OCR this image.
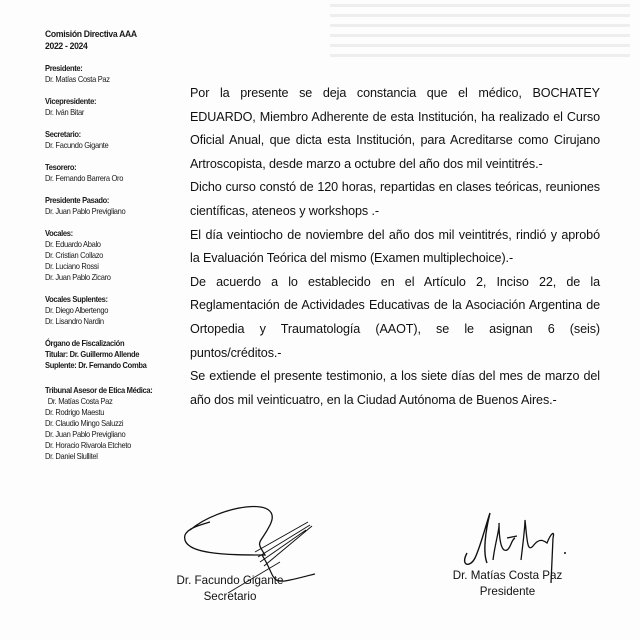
Comisión Directiva AAA
2022 - 2024
Presidente:
Dr. Matías Costa Paz
Vicepresidente:
Dr. Iván Bitar
Secretario:
Dr. Facundo Gigante
Tesorero:
Dr. Fernando Barrera Oro
Presidente Pasado:
Dr. Juan Pablo Previgliano
Vocales:
Dr. Eduardo Abalo
Dr. Cristian Collazo
Dr. Luciano Rossi
Dr. Juan Pablo Zicaro
Vocales Suplentes:
Dr. Diego Albertengo
Dr. Lisandro Nardin
Órgano de Fiscalización
Titular: Dr. Guillermo Allende
Suplente: Dr. Fernando Comba
Tribunal Asesor de Etica Médica:
Dr. Matías Costa Paz
Dr. Rodrigo Maestu
Dr. Claudio Mingo Saluzzi
Dr. Juan Pablo Previgliano
Dr. Horacio Rivarola Etcheto
Dr. Daniel Slullitel

Por la presente se deja constancia que el médico, BOCHATEY EDUARDO, Miembro Adherente de esta Institución, ha realizado el Curso Oficial Anual, que dicta esta Institución, para Acreditarse como Cirujano Artroscopista, desde marzo a octubre del año dos mil veintitrés.-

Dicho curso constó de 120 horas, repartidas en clases teóricas, reuniones científicas, ateneos y workshops .-

El día veintiocho de noviembre del año dos mil veintitrés, rindió y aprobó la Evaluación Teórica del mismo (Examen multiplechoice).-

De acuerdo a lo establecido en el Artículo 2, Inciso 22, de la Reglamentación de Actividades Educativas de la Asociación Argentina de Ortopedia y Traumatología (AAOT), se le asignan 6 (seis) puntos/créditos.-

Se extiende el presente testimonio, a los siete días del mes de marzo del año dos mil veinticuatro, en la Ciudad Autónoma de Buenos Aires.-

Dr. Facundo Gigante
Secretario
Dr. Matías Costa Paz
Presidente
